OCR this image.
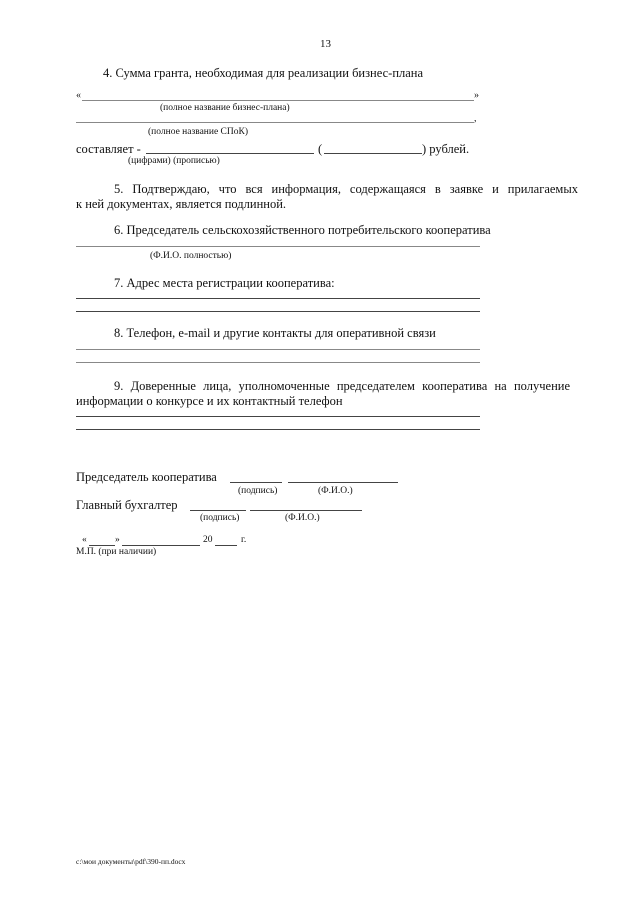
13
4. Сумма гранта, необходимая для реализации бизнес-плана
«	»
(полное название бизнес-плана)
,
(полное название СПоК)
составляет -	(	) рублей.
(цифрами) (прописью)
5. Подтверждаю, что вся информация, содержащаяся в заявке и прилагаемых
к ней документах, является подлинной.
6. Председатель сельскохозяйственного потребительского кооператива
(Ф.И.О. полностью)
7. Адрес места регистрации кооператива:
8. Телефон, e-mail и другие контакты для оперативной связи
9. Доверенные лица, уполномоченные председателем кооператива на получение
информации о конкурсе и их контактный телефон
Председатель кооператива
(подпись)	(Ф.И.О.)
Главный бухгалтер
(подпись)	(Ф.И.О.)
«	»	20	г.
М.П. (при наличии)
c:\мои документы\pdf\390-пп.docx
